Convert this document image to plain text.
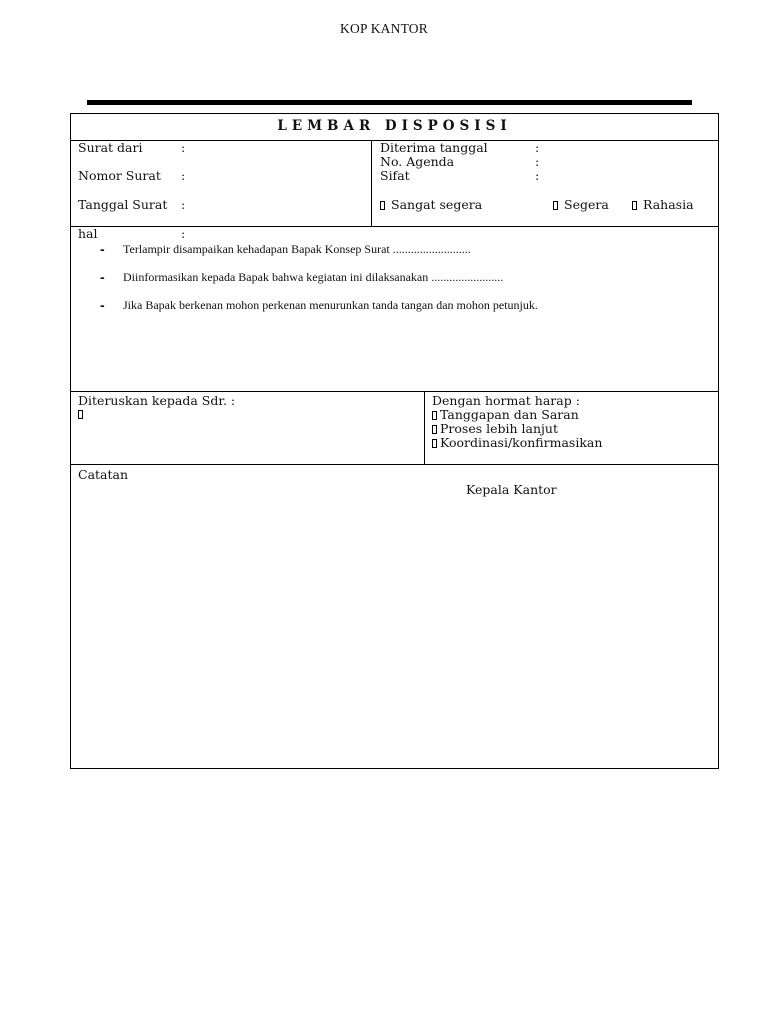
KOP KANTOR
LEMBAR DISPOSISI
Surat dari	:
Nomor Surat :
Tanggal Surat :
Diterima tanggal	:
No. Agenda	:
Sifat	:
Sangat segera	Segera	Rahasia
hal	:
- Terlampir disampaikan kehadapan Bapak Konsep Surat ..........................
- Diinformasikan kepada Bapak bahwa kegiatan ini dilaksanakan ........................
- Jika Bapak berkenan mohon perkenan menurunkan tanda tangan dan mohon petunjuk.
Diteruskan kepada Sdr. :	Dengan hormat harap :
Tanggapan dan Saran
Proses lebih lanjut
Koordinasi/konfirmasikan
Catatan
Kepala Kantor
